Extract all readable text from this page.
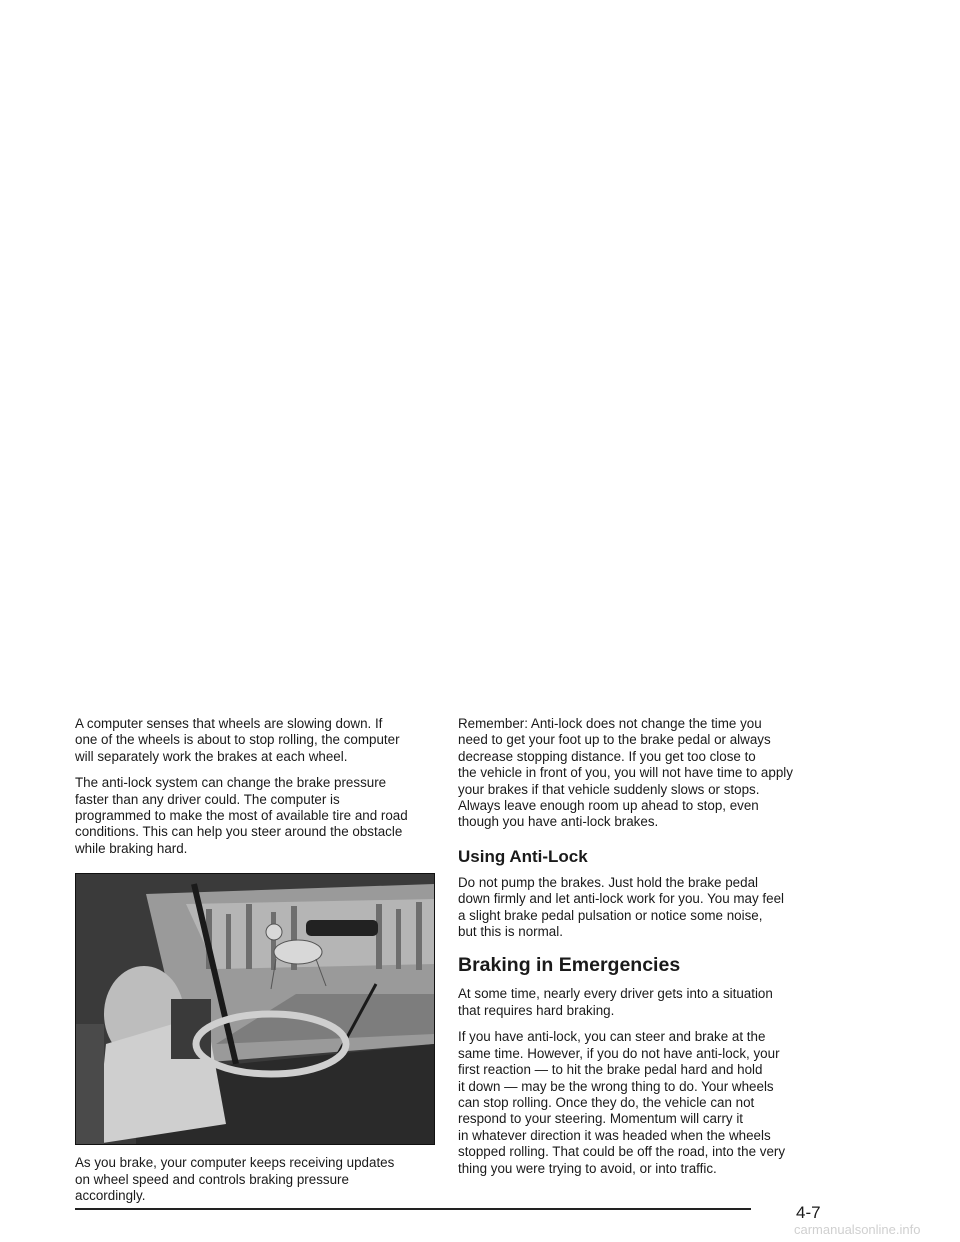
A computer senses that wheels are slowing down. If
one of the wheels is about to stop rolling, the computer
will separately work the brakes at each wheel.

The anti-lock system can change the brake pressure
faster than any driver could. The computer is
programmed to make the most of available tire and road
conditions. This can help you steer around the obstacle
while braking hard.

As you brake, your computer keeps receiving updates
on wheel speed and controls braking pressure
accordingly.

Remember: Anti-lock does not change the time you
need to get your foot up to the brake pedal or always
decrease stopping distance. If you get too close to
the vehicle in front of you, you will not have time to apply
your brakes if that vehicle suddenly slows or stops.
Always leave enough room up ahead to stop, even
though you have anti-lock brakes.

Using Anti-Lock

Do not pump the brakes. Just hold the brake pedal
down firmly and let anti-lock work for you. You may feel
a slight brake pedal pulsation or notice some noise,
but this is normal.

Braking in Emergencies

At some time, nearly every driver gets into a situation
that requires hard braking.

If you have anti-lock, you can steer and brake at the
same time. However, if you do not have anti-lock, your
first reaction — to hit the brake pedal hard and hold
it down — may be the wrong thing to do. Your wheels
can stop rolling. Once they do, the vehicle can not
respond to your steering. Momentum will carry it
in whatever direction it was headed when the wheels
stopped rolling. That could be off the road, into the very
thing you were trying to avoid, or into traffic.

4-7
carmanualsonline.info
